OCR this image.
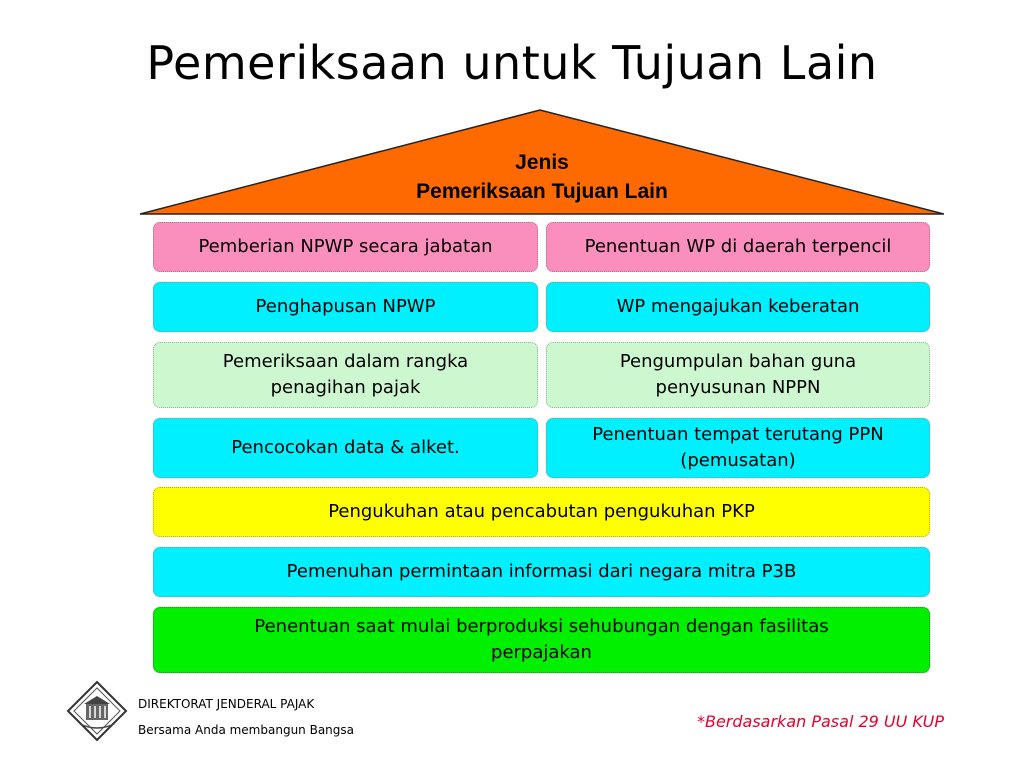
Pemeriksaan untuk Tujuan Lain
Jenis
Pemeriksaan Tujuan Lain
Pemberian NPWP secara jabatan	Penentuan WP di daerah terpencil
Penghapusan NPWP	WP mengajukan keberatan
Pemeriksaan dalam rangka penagihan pajak
Pengumpulan bahan guna penyusunan NPPN
Pencocokan data & alket.
Penentuan tempat terutang PPN (pemusatan)
Pengukuhan atau pencabutan pengukuhan PKP
Pemenuhan permintaan informasi dari negara mitra P3B
Penentuan saat mulai berproduksi sehubungan dengan fasilitas perpajakan
DIREKTORAT JENDERAL PAJAK
Bersama Anda membangun Bangsa	*Berdasarkan Pasal 29 UU KUP
